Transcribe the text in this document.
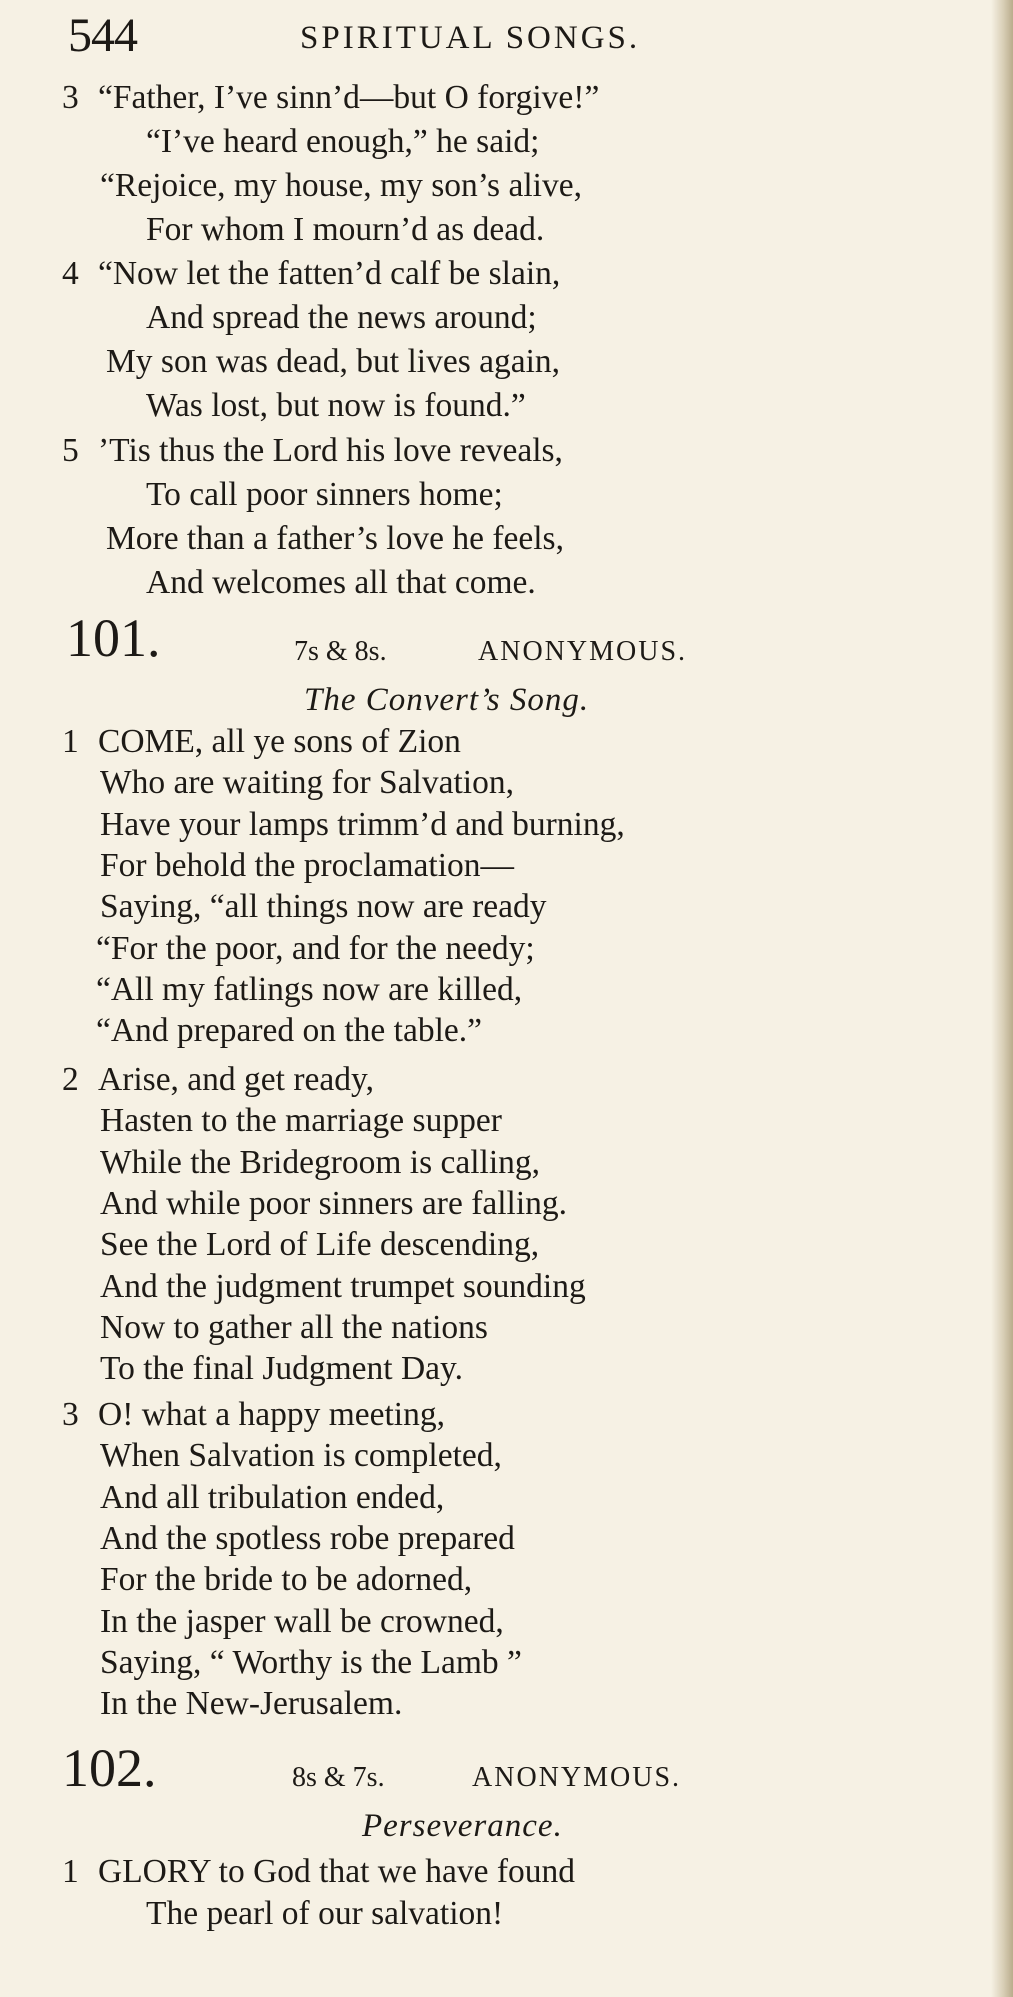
544	SPIRITUAL SONGS.
3 “Father, I’ve sinn’d—but O forgive!”
“I’ve heard enough,” he said;
“Rejoice, my house, my son’s alive,
For whom I mourn’d as dead.
4 “Now let the fatten’d calf be slain,
And spread the news around;
My son was dead, but lives again,
Was lost, but now is found.”
5 ’Tis thus the Lord his love reveals,
To call poor sinners home;
More than a father’s love he feels,
And welcomes all that come.
101.	7s & 8s.	ANONYMOUS.
The Convert’s Song.
1 COME, all ye sons of Zion
Who are waiting for Salvation,
Have your lamps trimm’d and burning,
For behold the proclamation—
Saying, “all things now are ready
“For the poor, and for the needy;
“All my fatlings now are killed,
“And prepared on the table.”
2 Arise, and get ready,
Hasten to the marriage supper
While the Bridegroom is calling,
And while poor sinners are falling.
See the Lord of Life descending,
And the judgment trumpet sounding
Now to gather all the nations
To the final Judgment Day.
3 O! what a happy meeting,
When Salvation is completed,
And all tribulation ended,
And the spotless robe prepared
For the bride to be adorned,
In the jasper wall be crowned,
Saying, “ Worthy is the Lamb ”
In the New-Jerusalem.
102.	8s & 7s.	ANONYMOUS.
Perseverance.
1 GLORY to God that we have found
The pearl of our salvation!
